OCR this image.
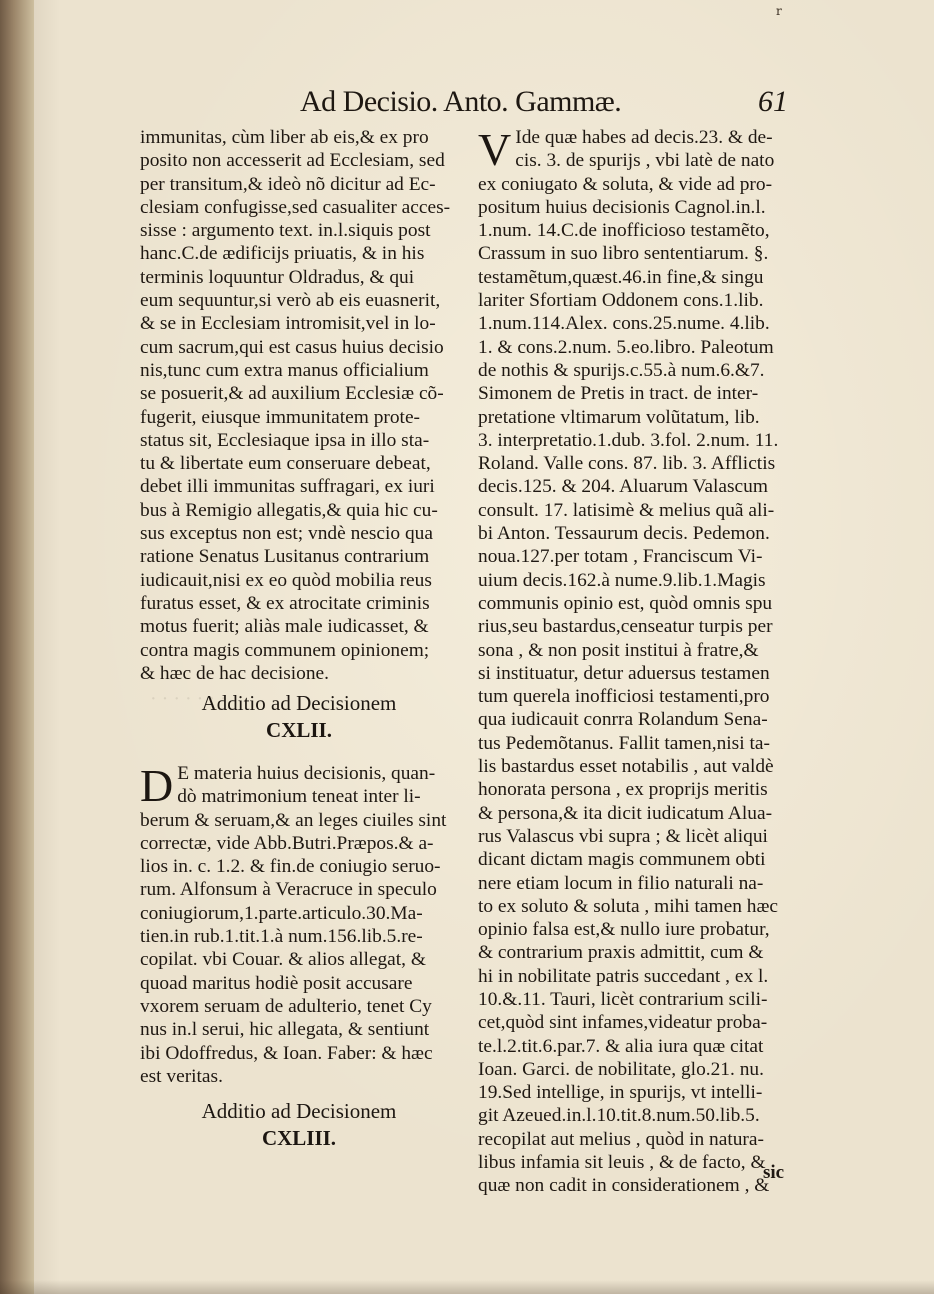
r
Ad Decisio. Anto. Gammæ.	61
· · · · · · ·
immunitas, cùm liber ab eis,& ex pro
posito non accesserit ad Ecclesiam, sed
per transitum,& ideò nõ dicitur ad Ec-
clesiam confugisse,sed casualiter acces-
sisse : argumento text. in.l.siquis post
hanc.C.de ædificijs priuatis, & in his
terminis loquuntur Oldradus, & qui
eum sequuntur,si verò ab eis euasnerit,
& se in Ecclesiam intromisit,vel in lo-
cum sacrum,qui est casus huius decisio
nis,tunc cum extra manus officialium
se posuerit,& ad auxilium Ecclesiæ cõ-
fugerit, eiusque immunitatem prote-
status sit, Ecclesiaque ipsa in illo sta-
tu & libertate eum conseruare debeat,
debet illi immunitas suffragari, ex iuri
bus à Remigio allegatis,& quia hic cu-
sus exceptus non est; vndè nescio qua
ratione Senatus Lusitanus contrarium
iudicauit,nisi ex eo quòd mobilia reus
furatus esset, & ex atrocitate criminis
motus fuerit; aliàs male iudicasset, &
contra magis communem opinionem;
& hæc de hac decisione.
Additio ad Decisionem
CXLII.
D E materia huius decisionis, quan-
dò matrimonium teneat inter li-
berum & seruam,& an leges ciuiles sint
correctæ, vide Abb.Butri.Præpos.& a-
lios in. c. 1.2. & fin.de coniugio seruo-
rum. Alfonsum à Veracruce in speculo
coniugiorum,1.parte.articulo.30.Ma-
tien.in rub.1.tit.1.à num.156.lib.5.re-
copilat. vbi Couar. & alios allegat, &
quoad maritus hodiè posit accusare
vxorem seruam de adulterio, tenet Cy
nus in.l serui, hic allegata, & sentiunt
ibi Odoffredus, & Ioan. Faber: & hæc
est veritas.
Additio ad Decisionem
CXLIII.
V Ide quæ habes ad decis.23. & de-
cis. 3. de spurijs , vbi latè de nato
ex coniugato & soluta, & vide ad pro-
positum huius decisionis Cagnol.in.l.
1.num. 14.C.de inofficioso testamẽto,
Crassum in suo libro sententiarum. §.
testamẽtum,quæst.46.in fine,& singu
lariter Sfortiam Oddonem cons.1.lib.
1.num.114.Alex. cons.25.nume. 4.lib.
1. & cons.2.num. 5.eo.libro. Paleotum
de nothis & spurijs.c.55.à num.6.&7.
Simonem de Pretis in tract. de inter-
pretatione vltimarum volũtatum, lib.
3. interpretatio.1.dub. 3.fol. 2.num. 11.
Roland. Valle cons. 87. lib. 3. Afflictis
decis.125. & 204. Aluarum Valascum
consult. 17. latisimè & melius quã ali-
bi Anton. Tessaurum decis. Pedemon.
noua.127.per totam , Franciscum Vi-
uium decis.162.à nume.9.lib.1.Magis
communis opinio est, quòd omnis spu
rius,seu bastardus,censeatur turpis per
sona , & non posit institui à fratre,&
si instituatur, detur aduersus testamen
tum querela inofficiosi testamenti,pro
qua iudicauit conrra Rolandum Sena-
tus Pedemõtanus. Fallit tamen,nisi ta-
lis bastardus esset notabilis , aut valdè
honorata persona , ex proprijs meritis
& persona,& ita dicit iudicatum Alua-
rus Valascus vbi supra ; & licèt aliqui
dicant dictam magis communem obti
nere etiam locum in filio naturali na-
to ex soluto & soluta , mihi tamen hæc
opinio falsa est,& nullo iure probatur,
& contrarium praxis admittit, cum &
hi in nobilitate patris succedant , ex l.
10.&.11. Tauri, licèt contrarium scili-
cet,quòd sint infames,videatur proba-
te.l.2.tit.6.par.7. & alia iura quæ citat
Ioan. Garci. de nobilitate, glo.21. nu.
19.Sed intellige, in spurijs, vt intelli-
git Azeued.in.l.10.tit.8.num.50.lib.5.
recopilat aut melius , quòd in natura-
libus infamia sit leuis , & de facto, &
quæ non cadit in considerationem , &
sic
